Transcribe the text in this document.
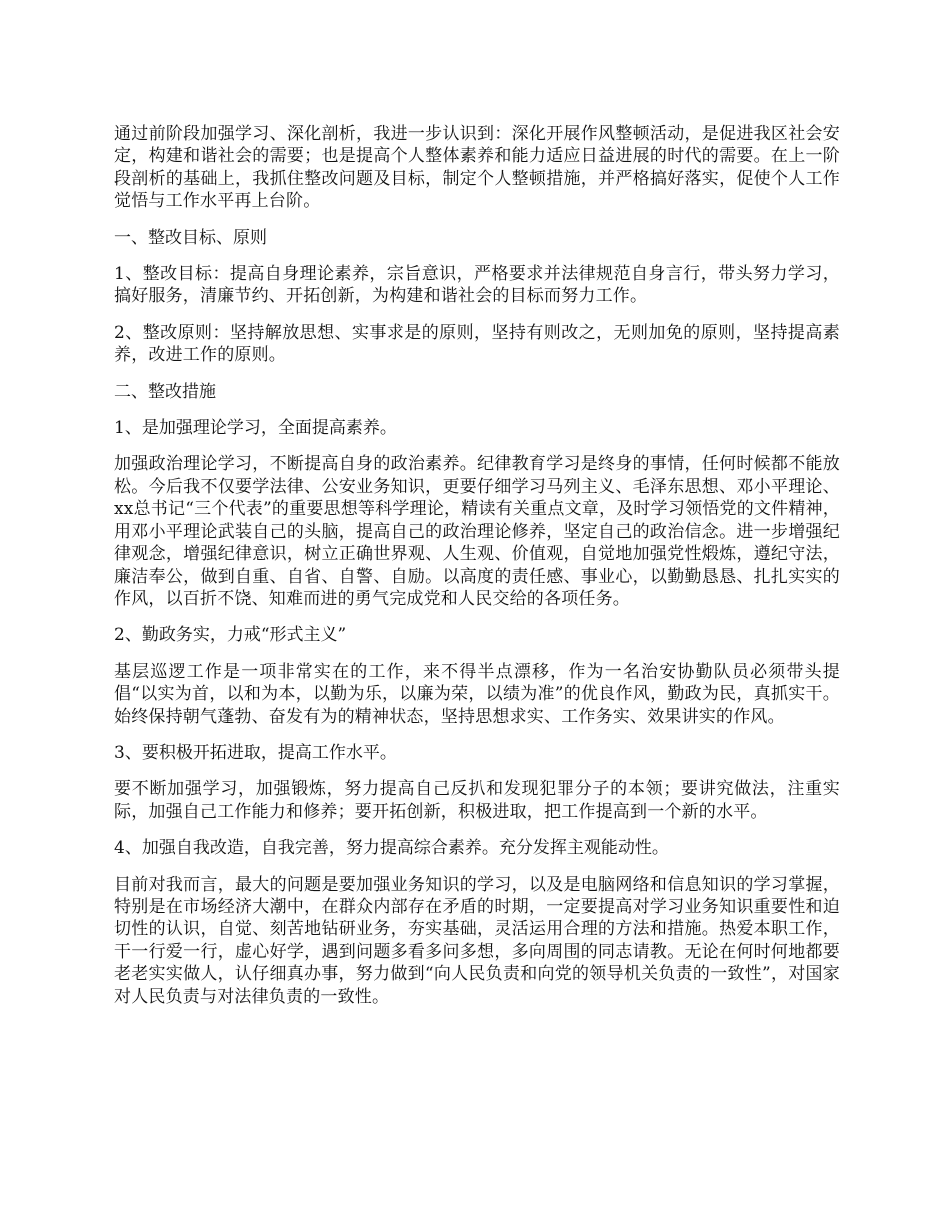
通过前阶段加强学习、深化剖析，我进一步认识到：深化开展作风整顿活动，是促进我区社会安定，构建和谐社会的需要；也是提高个人整体素养和能力适应日益进展的时代的需要。在上一阶段剖析的基础上，我抓住整改问题及目标，制定个人整顿措施，并严格搞好落实，促使个人工作觉悟与工作水平再上台阶。

一、整改目标、原则

1、整改目标：提高自身理论素养，宗旨意识，严格要求并法律规范自身言行，带头努力学习，搞好服务，清廉节约、开拓创新，为构建和谐社会的目标而努力工作。

2、整改原则：坚持解放思想、实事求是的原则，坚持有则改之，无则加免的原则，坚持提高素养，改进工作的原则。

二、整改措施

1、是加强理论学习，全面提高素养。

加强政治理论学习，不断提高自身的政治素养。纪律教育学习是终身的事情，任何时候都不能放松。今后我不仅要学法律、公安业务知识，更要仔细学习马列主义、毛泽东思想、邓小平理论、xx总书记“三个代表”的重要思想等科学理论，精读有关重点文章，及时学习领悟党的文件精神，用邓小平理论武装自己的头脑，提高自己的政治理论修养，坚定自己的政治信念。进一步增强纪律观念，增强纪律意识，树立正确世界观、人生观、价值观，自觉地加强党性煅炼，遵纪守法，廉洁奉公，做到自重、自省、自警、自励。以高度的责任感、事业心，以勤勤恳恳、扎扎实实的作风，以百折不饶、知难而进的勇气完成党和人民交给的各项任务。

2、勤政务实，力戒“形式主义”

基层巡逻工作是一项非常实在的工作，来不得半点漂移，作为一名治安协勤队员必须带头提倡“以实为首，以和为本，以勤为乐，以廉为荣，以绩为准”的优良作风，勤政为民，真抓实干。始终保持朝气蓬勃、奋发有为的精神状态，坚持思想求实、工作务实、效果讲实的作风。

3、要积极开拓进取，提高工作水平。

要不断加强学习，加强锻炼，努力提高自己反扒和发现犯罪分子的本领；要讲究做法，注重实际，加强自己工作能力和修养；要开拓创新，积极进取，把工作提高到一个新的水平。

4、加强自我改造，自我完善，努力提高综合素养。充分发挥主观能动性。

目前对我而言，最大的问题是要加强业务知识的学习，以及是电脑网络和信息知识的学习掌握，特别是在市场经济大潮中，在群众内部存在矛盾的时期，一定要提高对学习业务知识重要性和迫切性的认识，自觉、刻苦地钻研业务，夯实基础，灵活运用合理的方法和措施。热爱本职工作，干一行爱一行，虚心好学，遇到问题多看多问多想，多向周围的同志请教。无论在何时何地都要老老实实做人，认仔细真办事，努力做到“向人民负责和向党的领导机关负责的一致性”，对国家对人民负责与对法律负责的一致性。
